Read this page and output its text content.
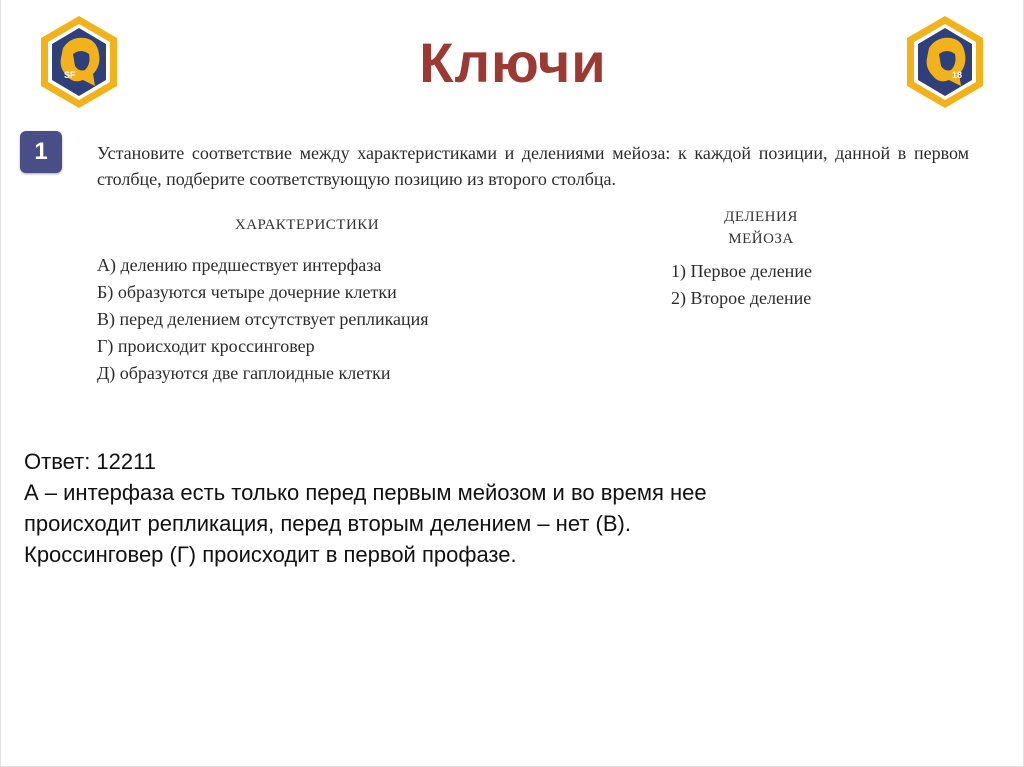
SF	Ключи	18
1	Установите соответствие между характеристиками и делениями мейоза: к каждой позиции, данной в первом столбце, подберите соответствующую позицию из второго столбца.

ХАРАКТЕРИСТИКИ
А) делению предшествует интерфаза
Б) образуются четыре дочерние клетки
В) перед делением отсутствует репликация
Г) происходит кроссинговер
Д) образуются две гаплоидные клетки
ДЕЛЕНИЯ
МЕЙОЗА
1) Первое деление
2) Второе деление

Ответ: 12211

А – интерфаза есть только перед первым мейозом и во время нее

происходит репликация, перед вторым делением – нет (В).

Кроссинговер (Г) происходит в первой профазе.
